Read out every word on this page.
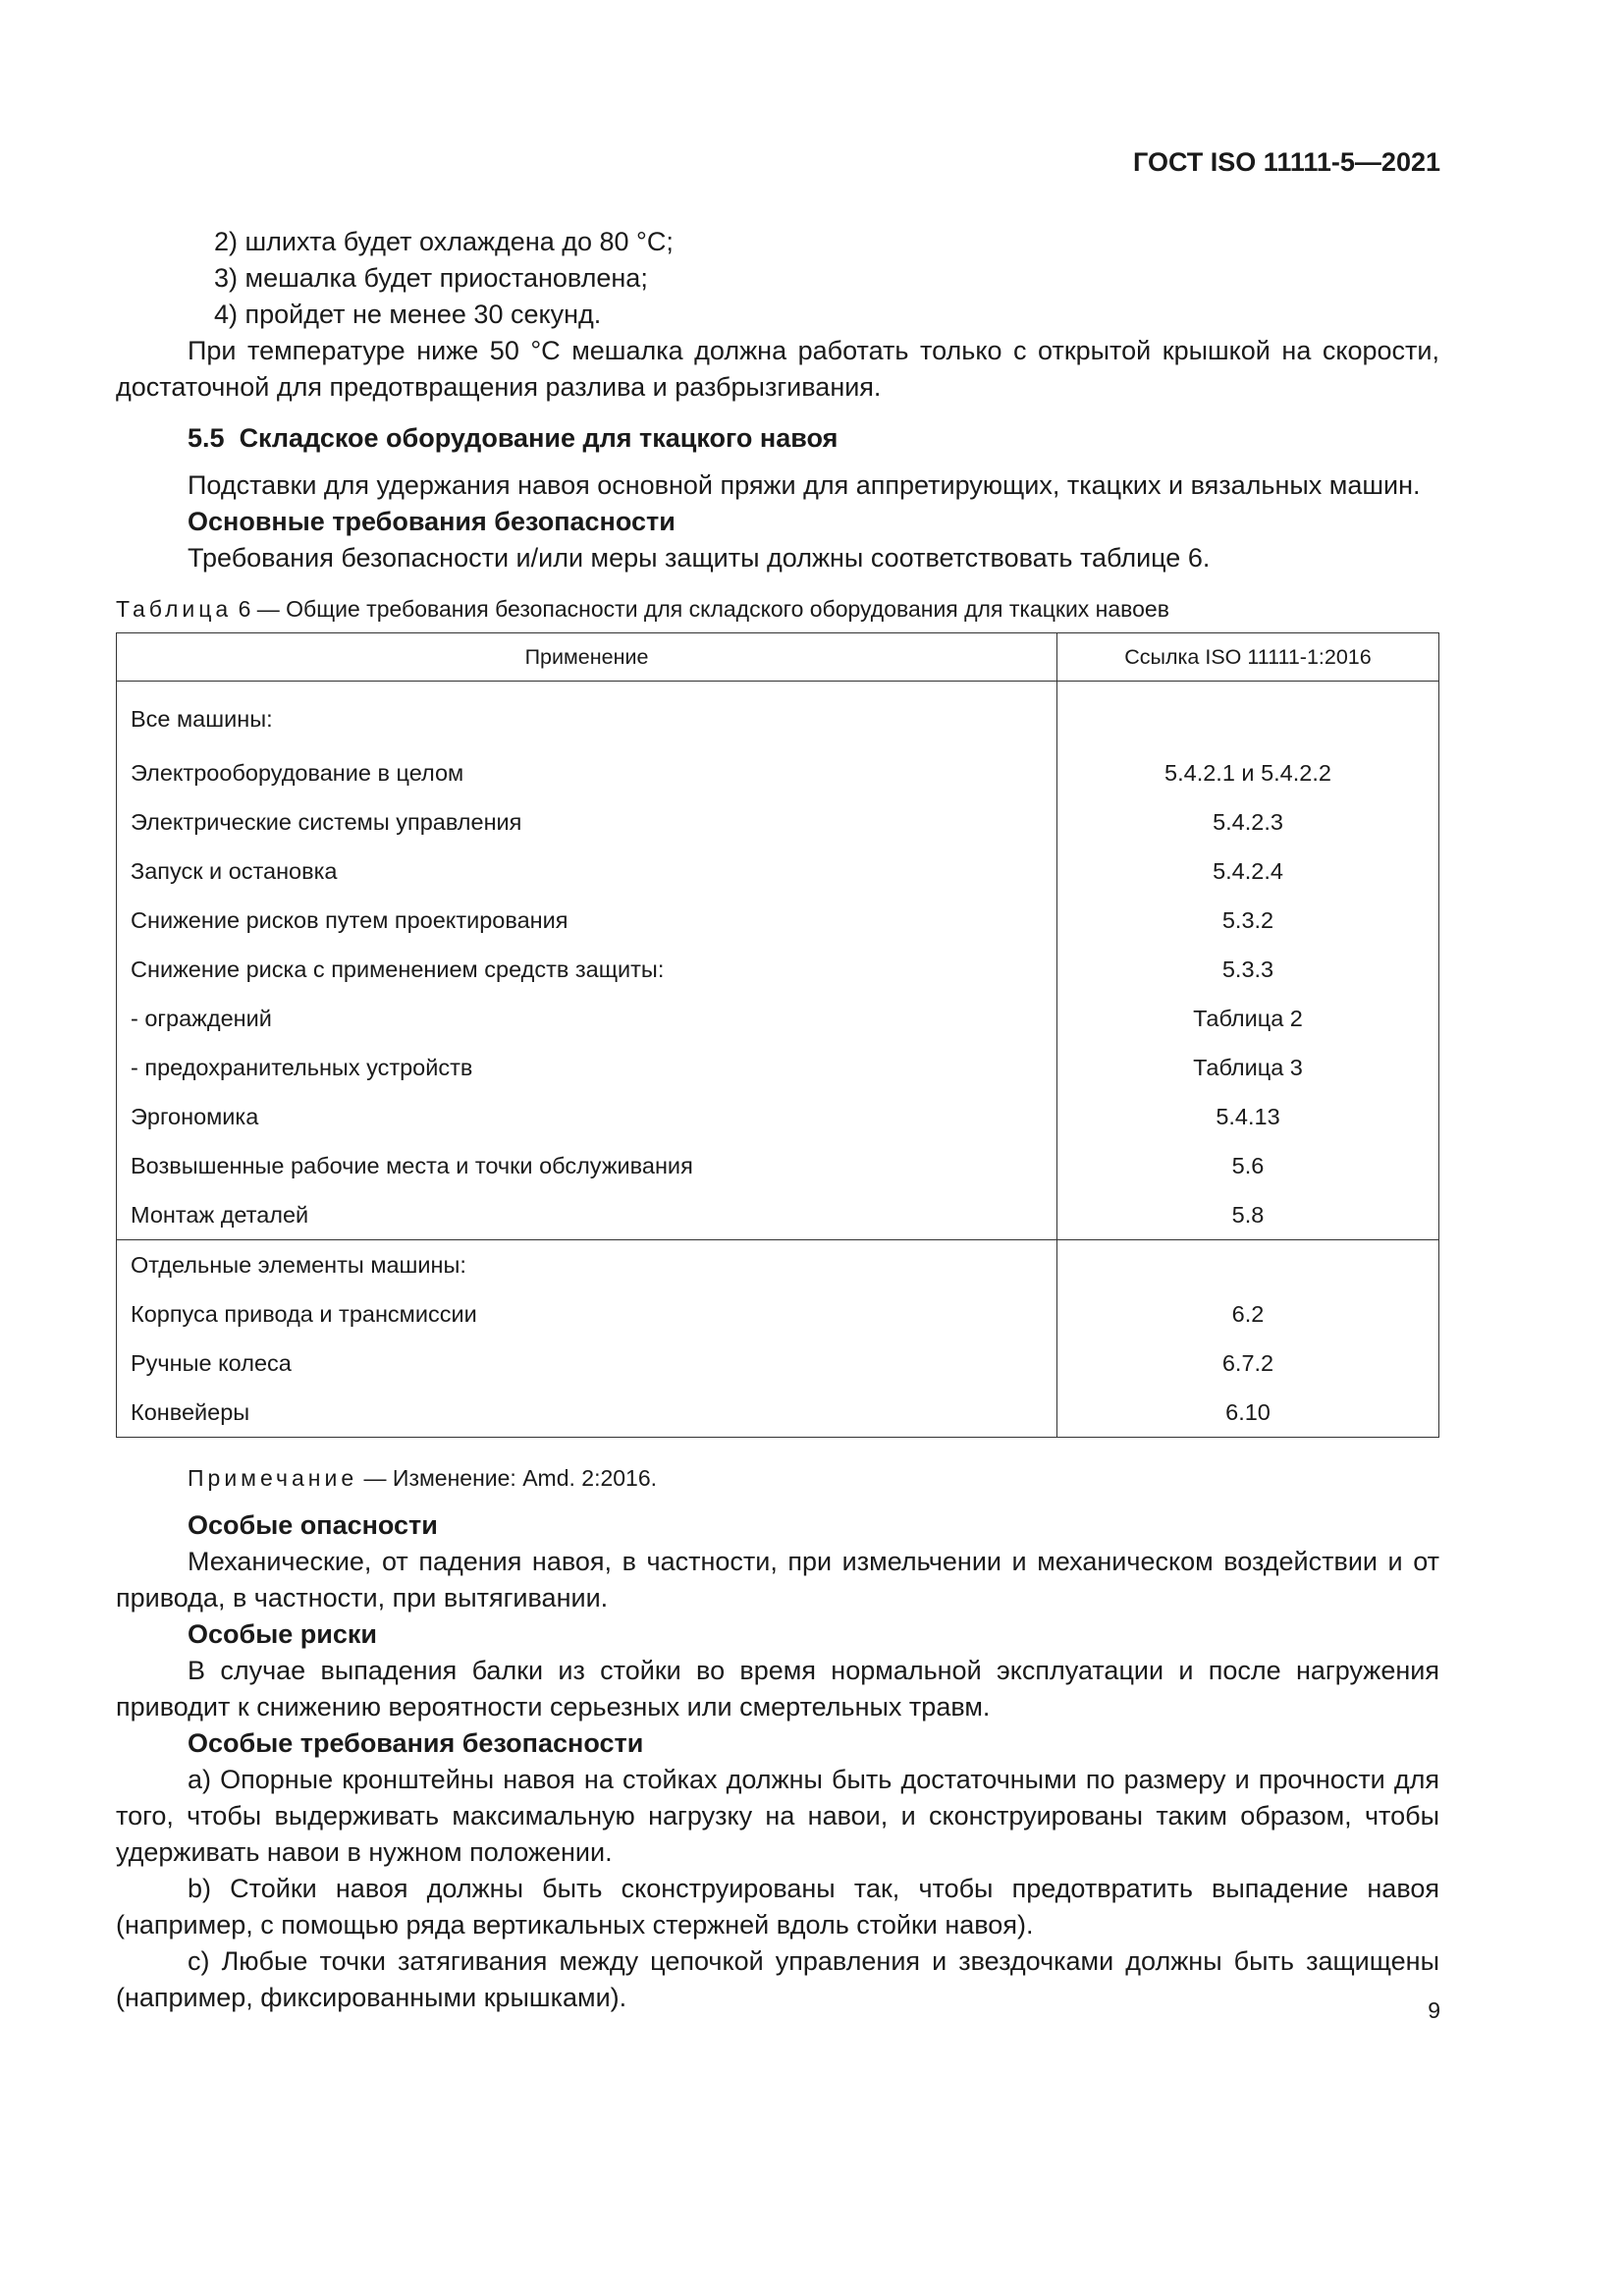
ГОСТ ISO 11111-5—2021

2) шлихта будет охлаждена до 80 °C;

3) мешалка будет приостановлена;

4) пройдет не менее 30 секунд.

При температуре ниже 50 °C мешалка должна работать только с открытой крышкой на скорости, достаточной для предотвращения разлива и разбрызгивания.

5.5 Складское оборудование для ткацкого навоя

Подставки для удержания навоя основной пряжи для аппретирующих, ткацких и вязальных машин.

Основные требования безопасности

Требования безопасности и/или меры защиты должны соответствовать таблице 6.

Таблица 6 — Общие требования безопасности для складского оборудования для ткацких навоев
Применение	Ссылка ISO 11111-1:2016
Все машины:	
Электрооборудование в целом	5.4.2.1 и 5.4.2.2
Электрические системы управления	5.4.2.3
Запуск и остановка	5.4.2.4
Снижение рисков путем проектирования	5.3.2
Снижение риска с применением средств защиты:	5.3.3
- ограждений	Таблица 2
- предохранительных устройств	Таблица 3
Эргономика	5.4.13
Возвышенные рабочие места и точки обслуживания	5.6
Монтаж деталей	5.8
Отдельные элементы машины:	
Корпуса привода и трансмиссии	6.2
Ручные колеса	6.7.2
Конвейеры	6.10
Примечание — Изменение: Amd. 2:2016.

Особые опасности

Механические, от падения навоя, в частности, при измельчении и механическом воздействии и от привода, в частности, при вытягивании.

Особые риски

В случае выпадения балки из стойки во время нормальной эксплуатации и после нагружения приводит к снижению вероятности серьезных или смертельных травм.

Особые требования безопасности

a) Опорные кронштейны навоя на стойках должны быть достаточными по размеру и прочности для того, чтобы выдерживать максимальную нагрузку на навои, и сконструированы таким образом, чтобы удерживать навои в нужном положении.

b) Стойки навоя должны быть сконструированы так, чтобы предотвратить выпадение навоя (например, с помощью ряда вертикальных стержней вдоль стойки навоя).

c) Любые точки затягивания между цепочкой управления и звездочками должны быть защищены (например, фиксированными крышками).	9
